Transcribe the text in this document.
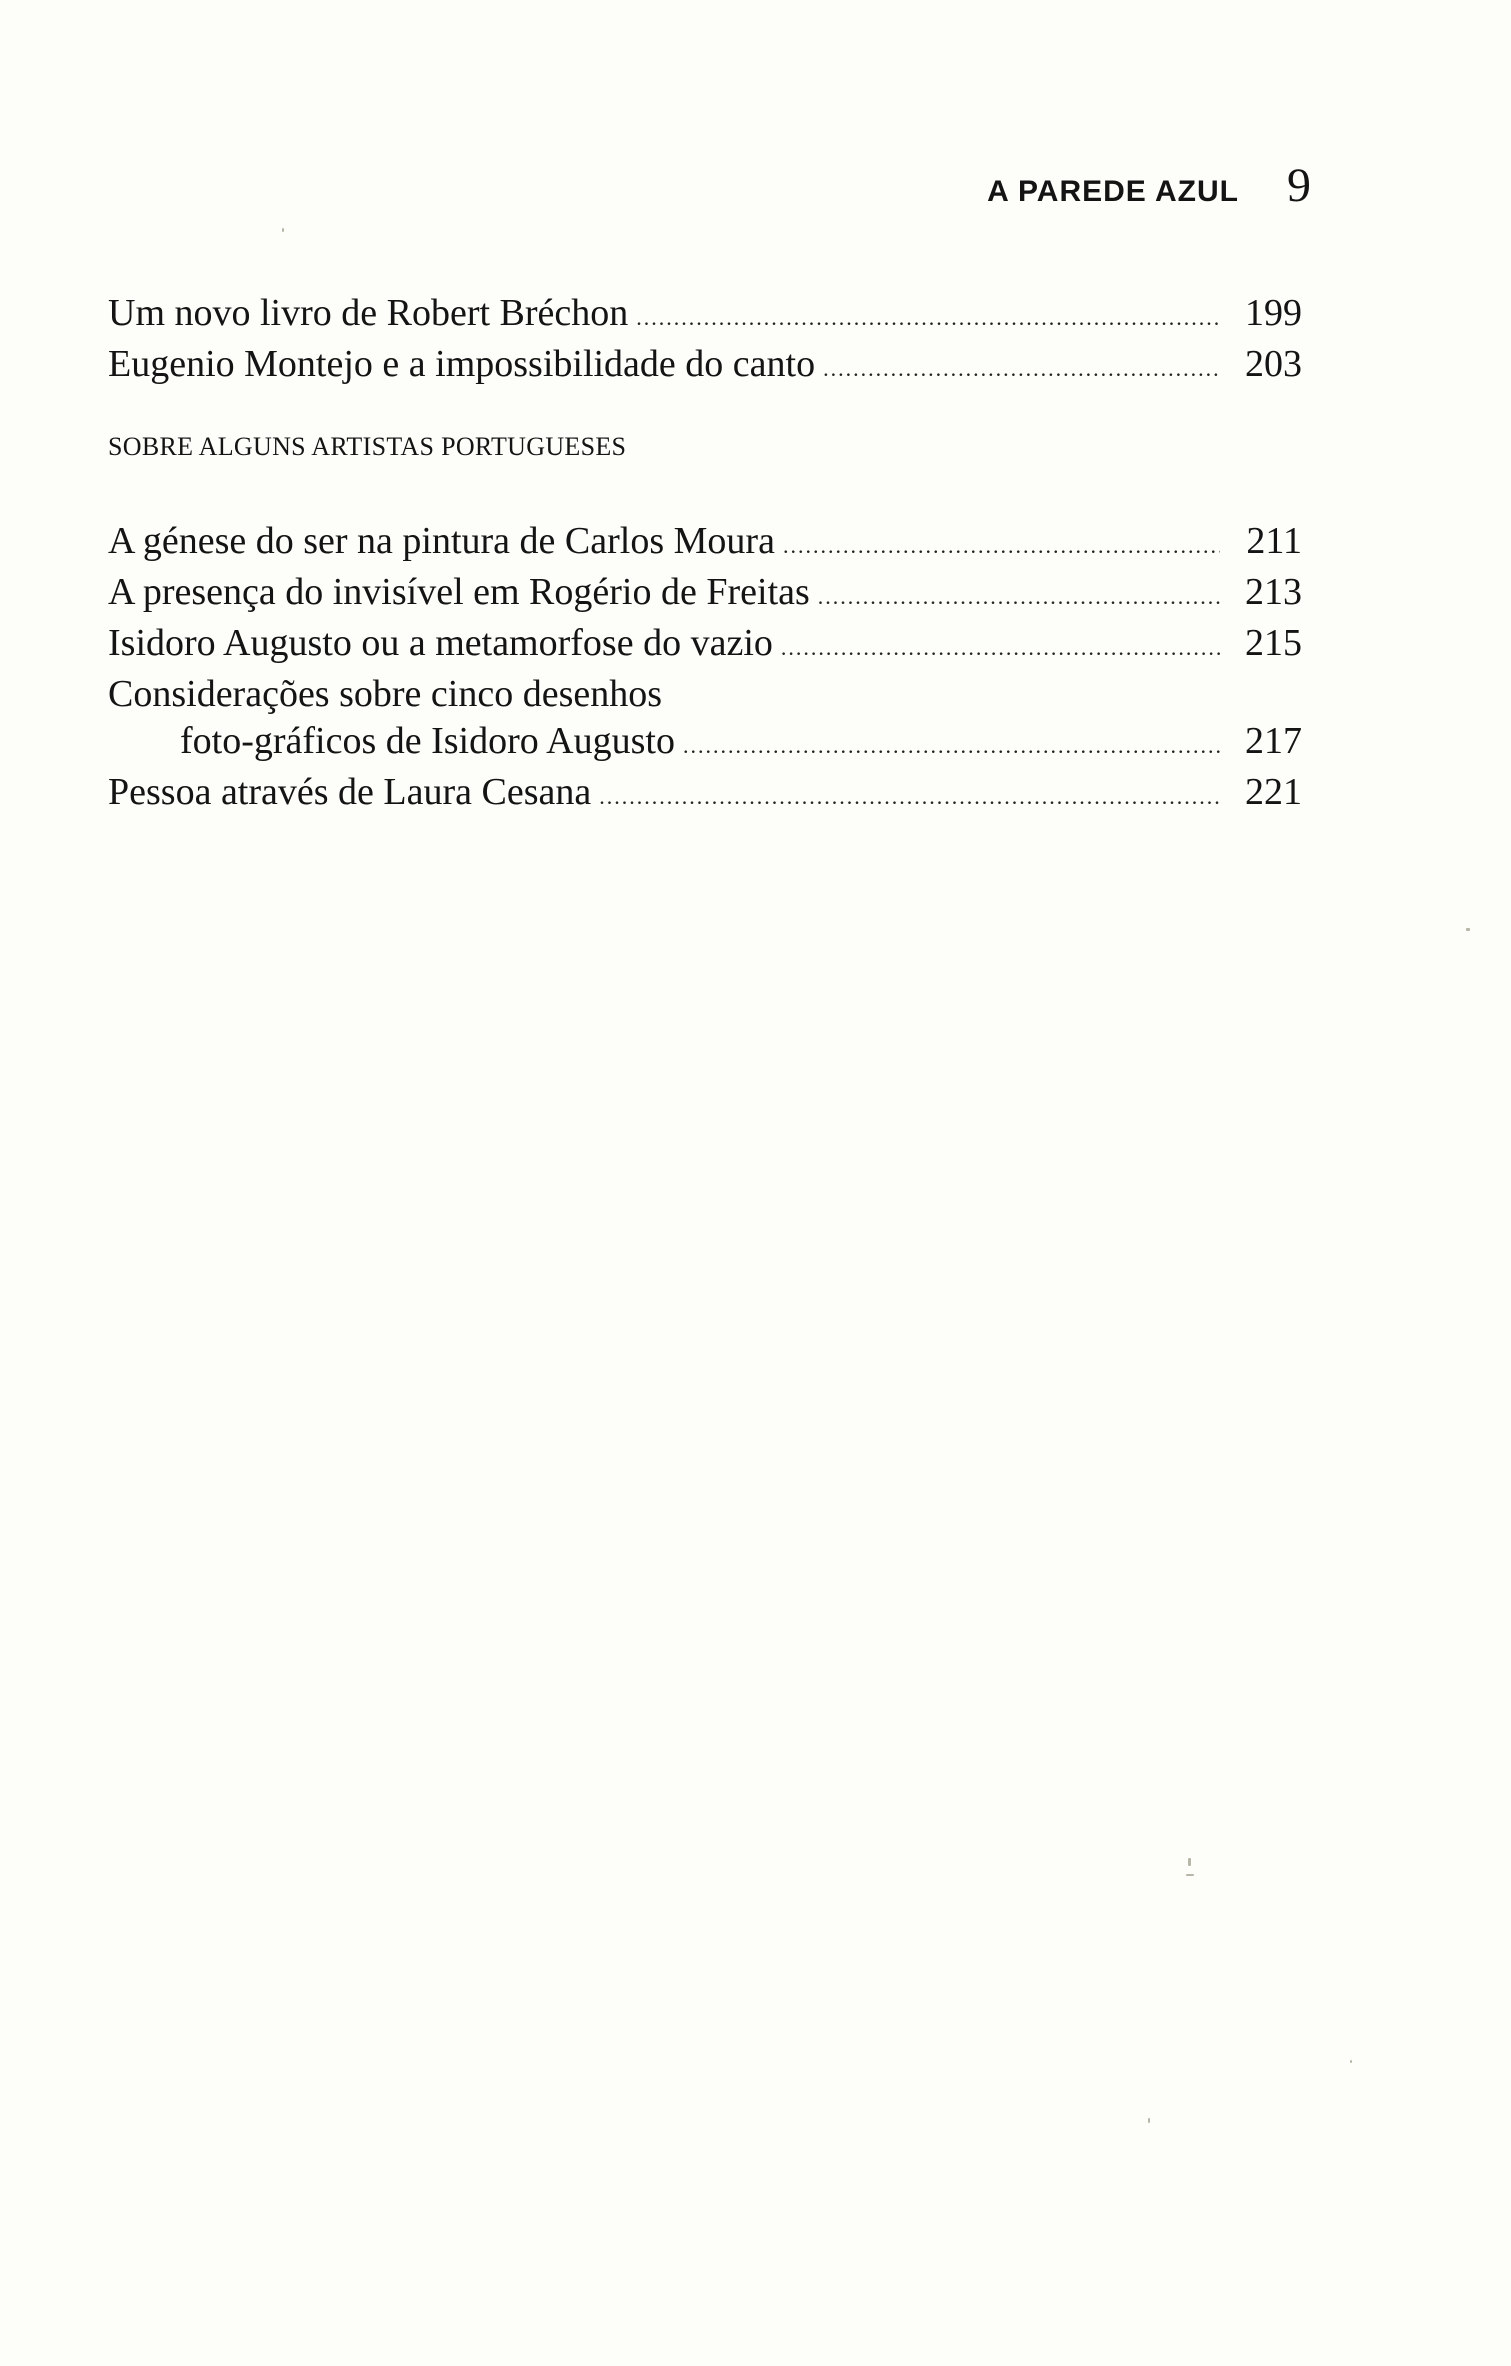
A PAREDE AZUL 9
Um novo livro de Robert Bréchon .....	199
Eugenio Montejo e a impossibilidade do canto .....	203
SOBRE ALGUNS ARTISTAS PORTUGUESES
A génese do ser na pintura de Carlos Moura .....	211
A presença do invisível em Rogério de Freitas .....	213
Isidoro Augusto ou a metamorfose do vazio .....	215
Considerações sobre cinco desenhos
foto-gráficos de Isidoro Augusto .....	217
Pessoa através de Laura Cesana .....	221
